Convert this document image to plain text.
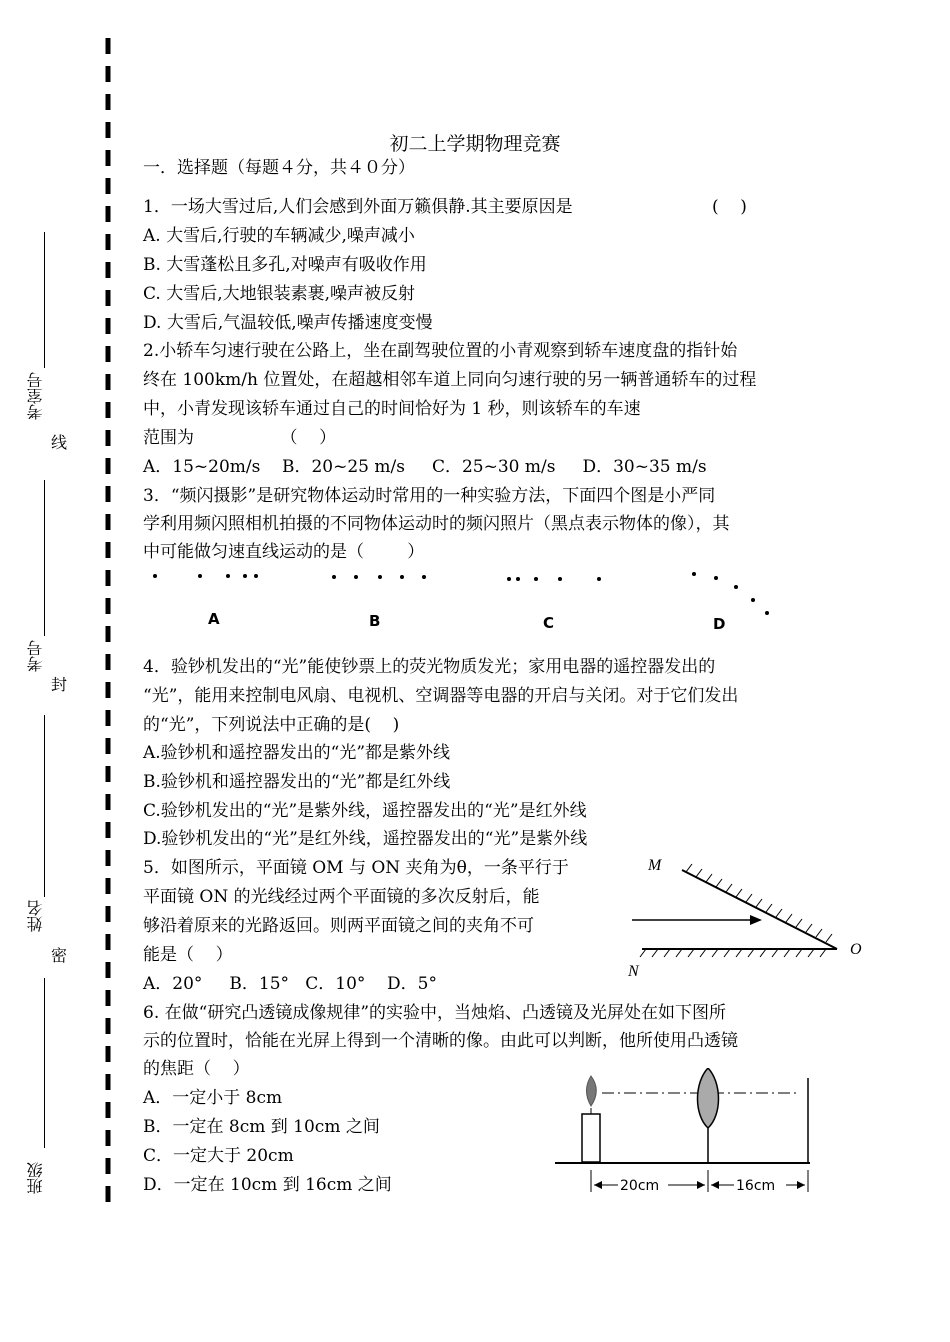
考室号
线
考号
封
姓名
密
班级
初二上学期物理竞赛
一．选择题（每题４分，共４０分）
1．一场大雪过后,人们会感到外面万籁俱静.其主要原因是	(    )
A. 大雪后,行驶的车辆减少,噪声减小
B. 大雪蓬松且多孔,对噪声有吸收作用
C. 大雪后,大地银装素裹,噪声被反射
D. 大雪后,气温较低,噪声传播速度变慢
2.小轿车匀速行驶在公路上，坐在副驾驶位置的小青观察到轿车速度盘的指针始
终在 100km/h 位置处，在超越相邻车道上同向匀速行驶的另一辆普通轿车的过程
中，小青发现该轿车通过自己的时间恰好为 1 秒，则该轿车的车速
范围为                （    ）
A．15~20m/s    B．20~25 m/s     C．25~30 m/s     D．30~35 m/s
3．“频闪摄影”是研究物体运动时常用的一种实验方法，下面四个图是小严同
学利用频闪照相机拍摄的不同物体运动时的频闪照片（黑点表示物体的像），其
中可能做匀速直线运动的是（        ）
A	B	C	D
4．验钞机发出的“光”能使钞票上的荧光物质发光；家用电器的遥控器发出的
“光”，能用来控制电风扇、电视机、空调器等电器的开启与关闭。对于它们发出
的“光”，下列说法中正确的是(    )
A.验钞机和遥控器发出的“光”都是紫外线
B.验钞机和遥控器发出的“光”都是红外线
C.验钞机发出的“光”是紫外线，遥控器发出的“光”是红外线
D.验钞机发出的“光”是红外线，遥控器发出的“光”是紫外线
5．如图所示，平面镜 OM 与 ON 夹角为θ，一条平行于
平面镜 ON 的光线经过两个平面镜的多次反射后，能
够沿着原来的光路返回。则两平面镜之间的夹角不可
能是（    ）
A．20°     B．15°   C．10°    D．5°
M
N
O
6. 在做“研究凸透镜成像规律”的实验中，当烛焰、凸透镜及光屏处在如下图所
示的位置时，恰能在光屏上得到一个清晰的像。由此可以判断，他所使用凸透镜
的焦距（    ）
A．一定小于 8cm
B．一定在 8cm 到 10cm 之间
C．一定大于 20cm
D．一定在 10cm 到 16cm 之间	20cm	16cm
